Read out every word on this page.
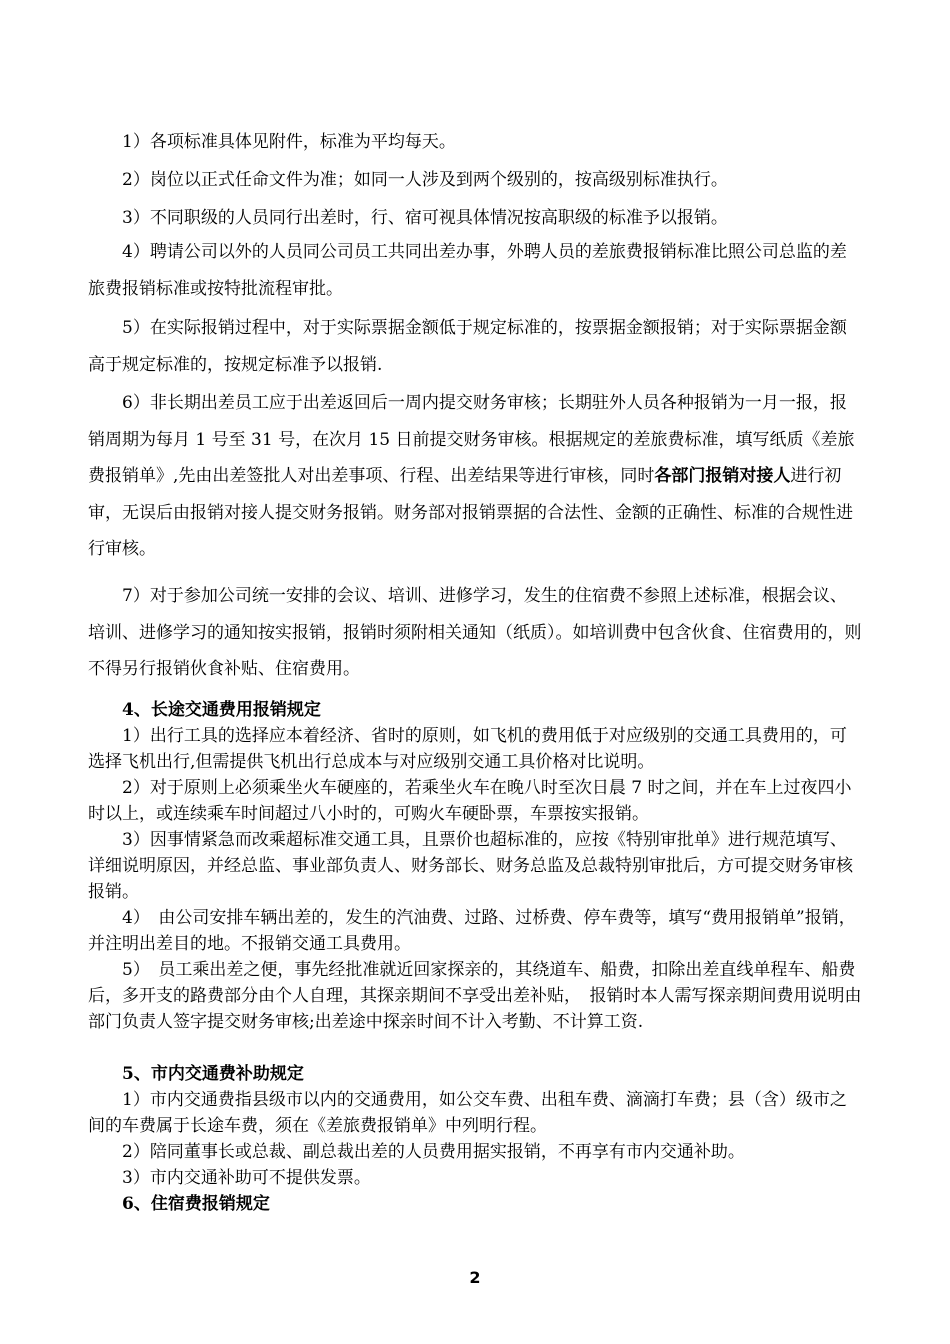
1）各项标准具体见附件，标准为平均每天。

2）岗位以正式任命文件为准；如同一人涉及到两个级别的，按高级别标准执行。

3）不同职级的人员同行出差时，行、宿可视具体情况按高职级的标准予以报销。

4）聘请公司以外的人员同公司员工共同出差办事，外聘人员的差旅费报销标准比照公司总监的差旅费报销标准或按特批流程审批。

5）在实际报销过程中，对于实际票据金额低于规定标准的，按票据金额报销；对于实际票据金额高于规定标准的，按规定标准予以报销.

6）非长期出差员工应于出差返回后一周内提交财务审核；长期驻外人员各种报销为一月一报，报销周期为每月 1 号至 31 号，在次月 15 日前提交财务审核。根据规定的差旅费标准，填写纸质《差旅费报销单》,先由出差签批人对出差事项、行程、出差结果等进行审核，同时各部门报销对接人进行初审，无误后由报销对接人提交财务报销。财务部对报销票据的合法性、金额的正确性、标准的合规性进行审核。

7）对于参加公司统一安排的会议、培训、进修学习，发生的住宿费不参照上述标准，根据会议、培训、进修学习的通知按实报销，报销时须附相关通知（纸质）。如培训费中包含伙食、住宿费用的，则不得另行报销伙食补贴、住宿费用。

4、长途交通费用报销规定

1）出行工具的选择应本着经济、省时的原则，如飞机的费用低于对应级别的交通工具费用的，可选择飞机出行,但需提供飞机出行总成本与对应级别交通工具价格对比说明。

2）对于原则上必须乘坐火车硬座的，若乘坐火车在晚八时至次日晨 7 时之间，并在车上过夜四小时以上，或连续乘车时间超过八小时的，可购火车硬卧票，车票按实报销。

3）因事情紧急而改乘超标准交通工具，且票价也超标准的，应按《特别审批单》进行规范填写、详细说明原因，并经总监、事业部负责人、财务部长、财务总监及总裁特别审批后，方可提交财务审核报销。

4）　由公司安排车辆出差的，发生的汽油费、过路、过桥费、停车费等，填写“费用报销单”报销，并注明出差目的地。不报销交通工具费用。

5）　员工乘出差之便，事先经批准就近回家探亲的，其绕道车、船费，扣除出差直线单程车、船费后，多开支的路费部分由个人自理，其探亲期间不享受出差补贴，　报销时本人需写探亲期间费用说明由部门负责人签字提交财务审核;出差途中探亲时间不计入考勤、不计算工资.

5、市内交通费补助规定

1）市内交通费指县级市以内的交通费用，如公交车费、出租车费、滴滴打车费；县（含）级市之间的车费属于长途车费，须在《差旅费报销单》中列明行程。

2）陪同董事长或总裁、副总裁出差的人员费用据实报销，不再享有市内交通补助。

3）市内交通补助可不提供发票。

6、住宿费报销规定

2
